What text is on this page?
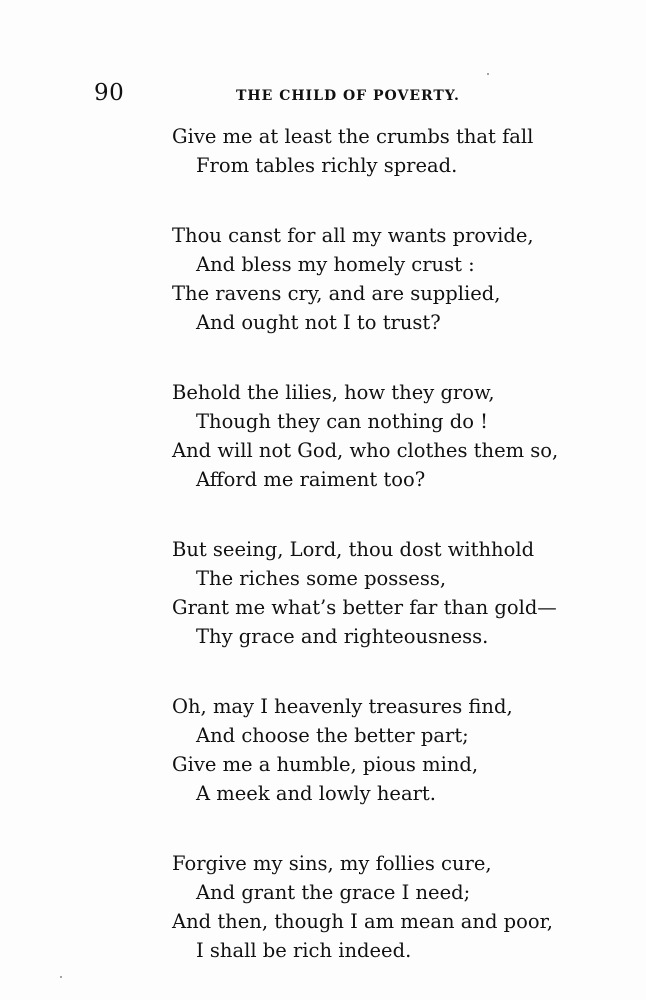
90	THE CHILD OF POVERTY.
Give me at least the crumbs that fall
From tables richly spread.
Thou canst for all my wants provide,
And bless my homely crust :
The ravens cry, and are supplied,
And ought not I to trust?
Behold the lilies, how they grow,
Though they can nothing do !
And will not God, who clothes them so,
Afford me raiment too?
But seeing, Lord, thou dost withhold
The riches some possess,
Grant me what’s better far than gold—
Thy grace and righteousness.
Oh, may I heavenly treasures find,
And choose the better part;
Give me a humble, pious mind,
A meek and lowly heart.
Forgive my sins, my follies cure,
And grant the grace I need;
And then, though I am mean and poor,
I shall be rich indeed.
